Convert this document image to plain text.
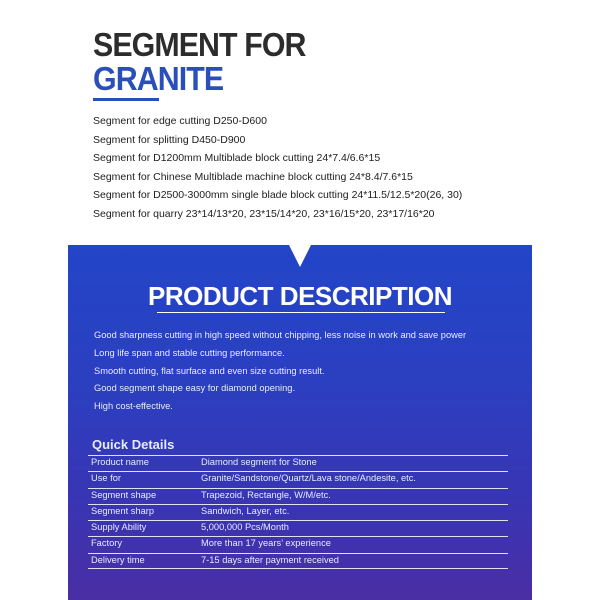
SEGMENT FOR
GRANITE
Segment for edge cutting D250-D600
Segment for splitting D450-D900
Segment for D1200mm Multiblade block cutting 24*7.4/6.6*15
Segment for Chinese Multiblade machine block cutting 24*8.4/7.6*15
Segment for D2500-3000mm single blade block cutting 24*11.5/12.5*20(26, 30)
Segment for quarry 23*14/13*20, 23*15/14*20, 23*16/15*20, 23*17/16*20
PRODUCT DESCRIPTION
Good sharpness cutting in high speed without chipping, less noise in work and save power
Long life span and stable cutting performance.
Smooth cutting, flat surface and even size cutting result.
Good segment shape easy for diamond opening.
High cost-effective.
Quick Details
Product name	Diamond segment for Stone
Use for	Granite/Sandstone/Quartz/Lava stone/Andesite, etc.
Segment shape	Trapezoid, Rectangle, W/M/etc.
Segment sharp	Sandwich, Layer, etc.
Supply Ability	5,000,000 Pcs/Month
Factory	More than 17 years’ experience
Delivery time	7-15 days after payment received
